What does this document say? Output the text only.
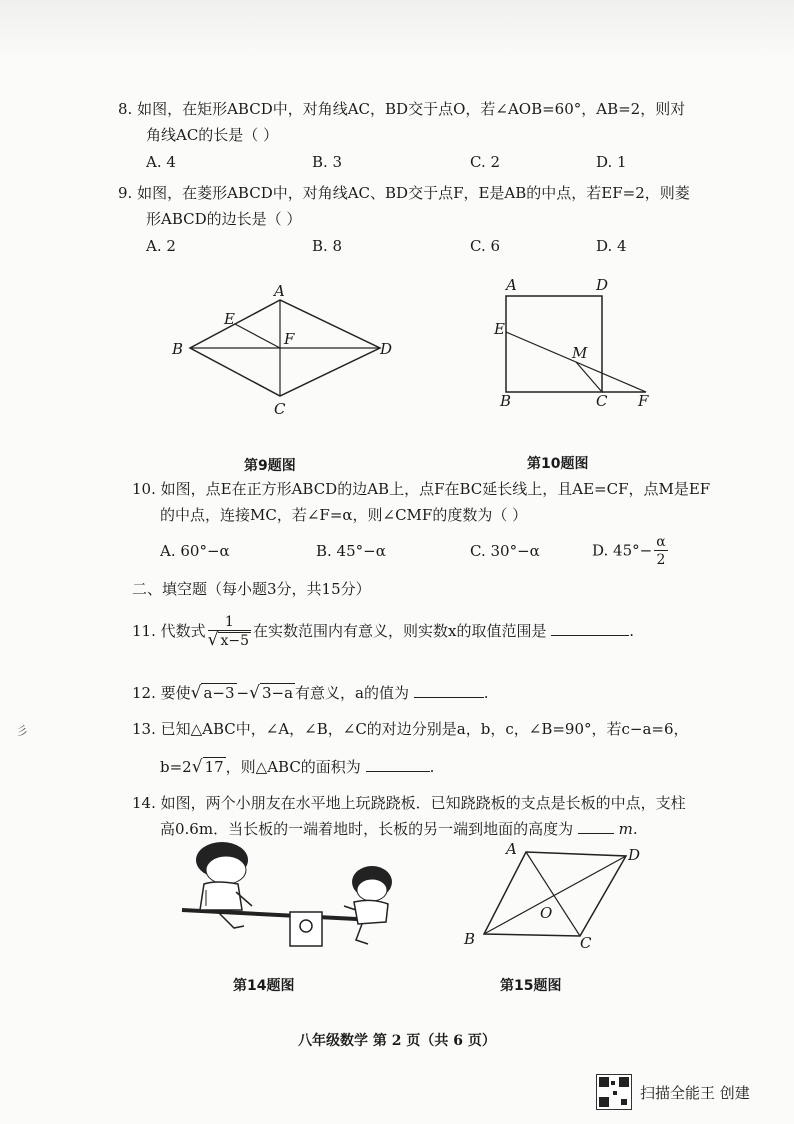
8. 如图，在矩形ABCD中，对角线AC，BD交于点O，若∠AOB=60°，AB=2，则对
角线AC的长是（ ）
A. 4	B. 3	C. 2	D. 1
9. 如图，在菱形ABCD中，对角线AC、BD交于点F，E是AB的中点，若EF=2，则菱
形ABCD的边长是（ ）
A. 2	B. 8	C. 6	D. 4
A
B
C
D
E
F
第9题图
A	D
E
M
B	C F
第10题图
10. 如图，点E在正方形ABCD的边AB上，点F在BC延长线上，且AE=CF，点M是EF
的中点，连接MC，若∠F=α，则∠CMF的度数为（ ）
A. 60°−α	B. 45°−α	C. 30°−α	D. $45^\circ- \frac{\alpha}{2}$
二、填空题（每小题3分，共15分）
11. 代数式 $\frac{1}{√ x-5}$ 在实数范围内有意义，则实数x的取值范围是	.
12. 要使√ a−3 −√ 3−a 有意义，a的值为	.
彡	13. 已知△ABC中，∠A，∠B，∠C的对边分别是a，b，c，∠B=90°，若c−a=6，
b=2√ 17 ，则△ABC的面积为	.
14. 如图，两个小朋友在水平地上玩跷跷板．已知跷跷板的支点是长板的中点，支柱
高0.6m．当长板的一端着地时，长板的另一端到地面的高度为	m.
第14题图
A	D
O
B	C
第15题图
八年级数学 第 2 页（共 6 页）
扫描全能王 创建
